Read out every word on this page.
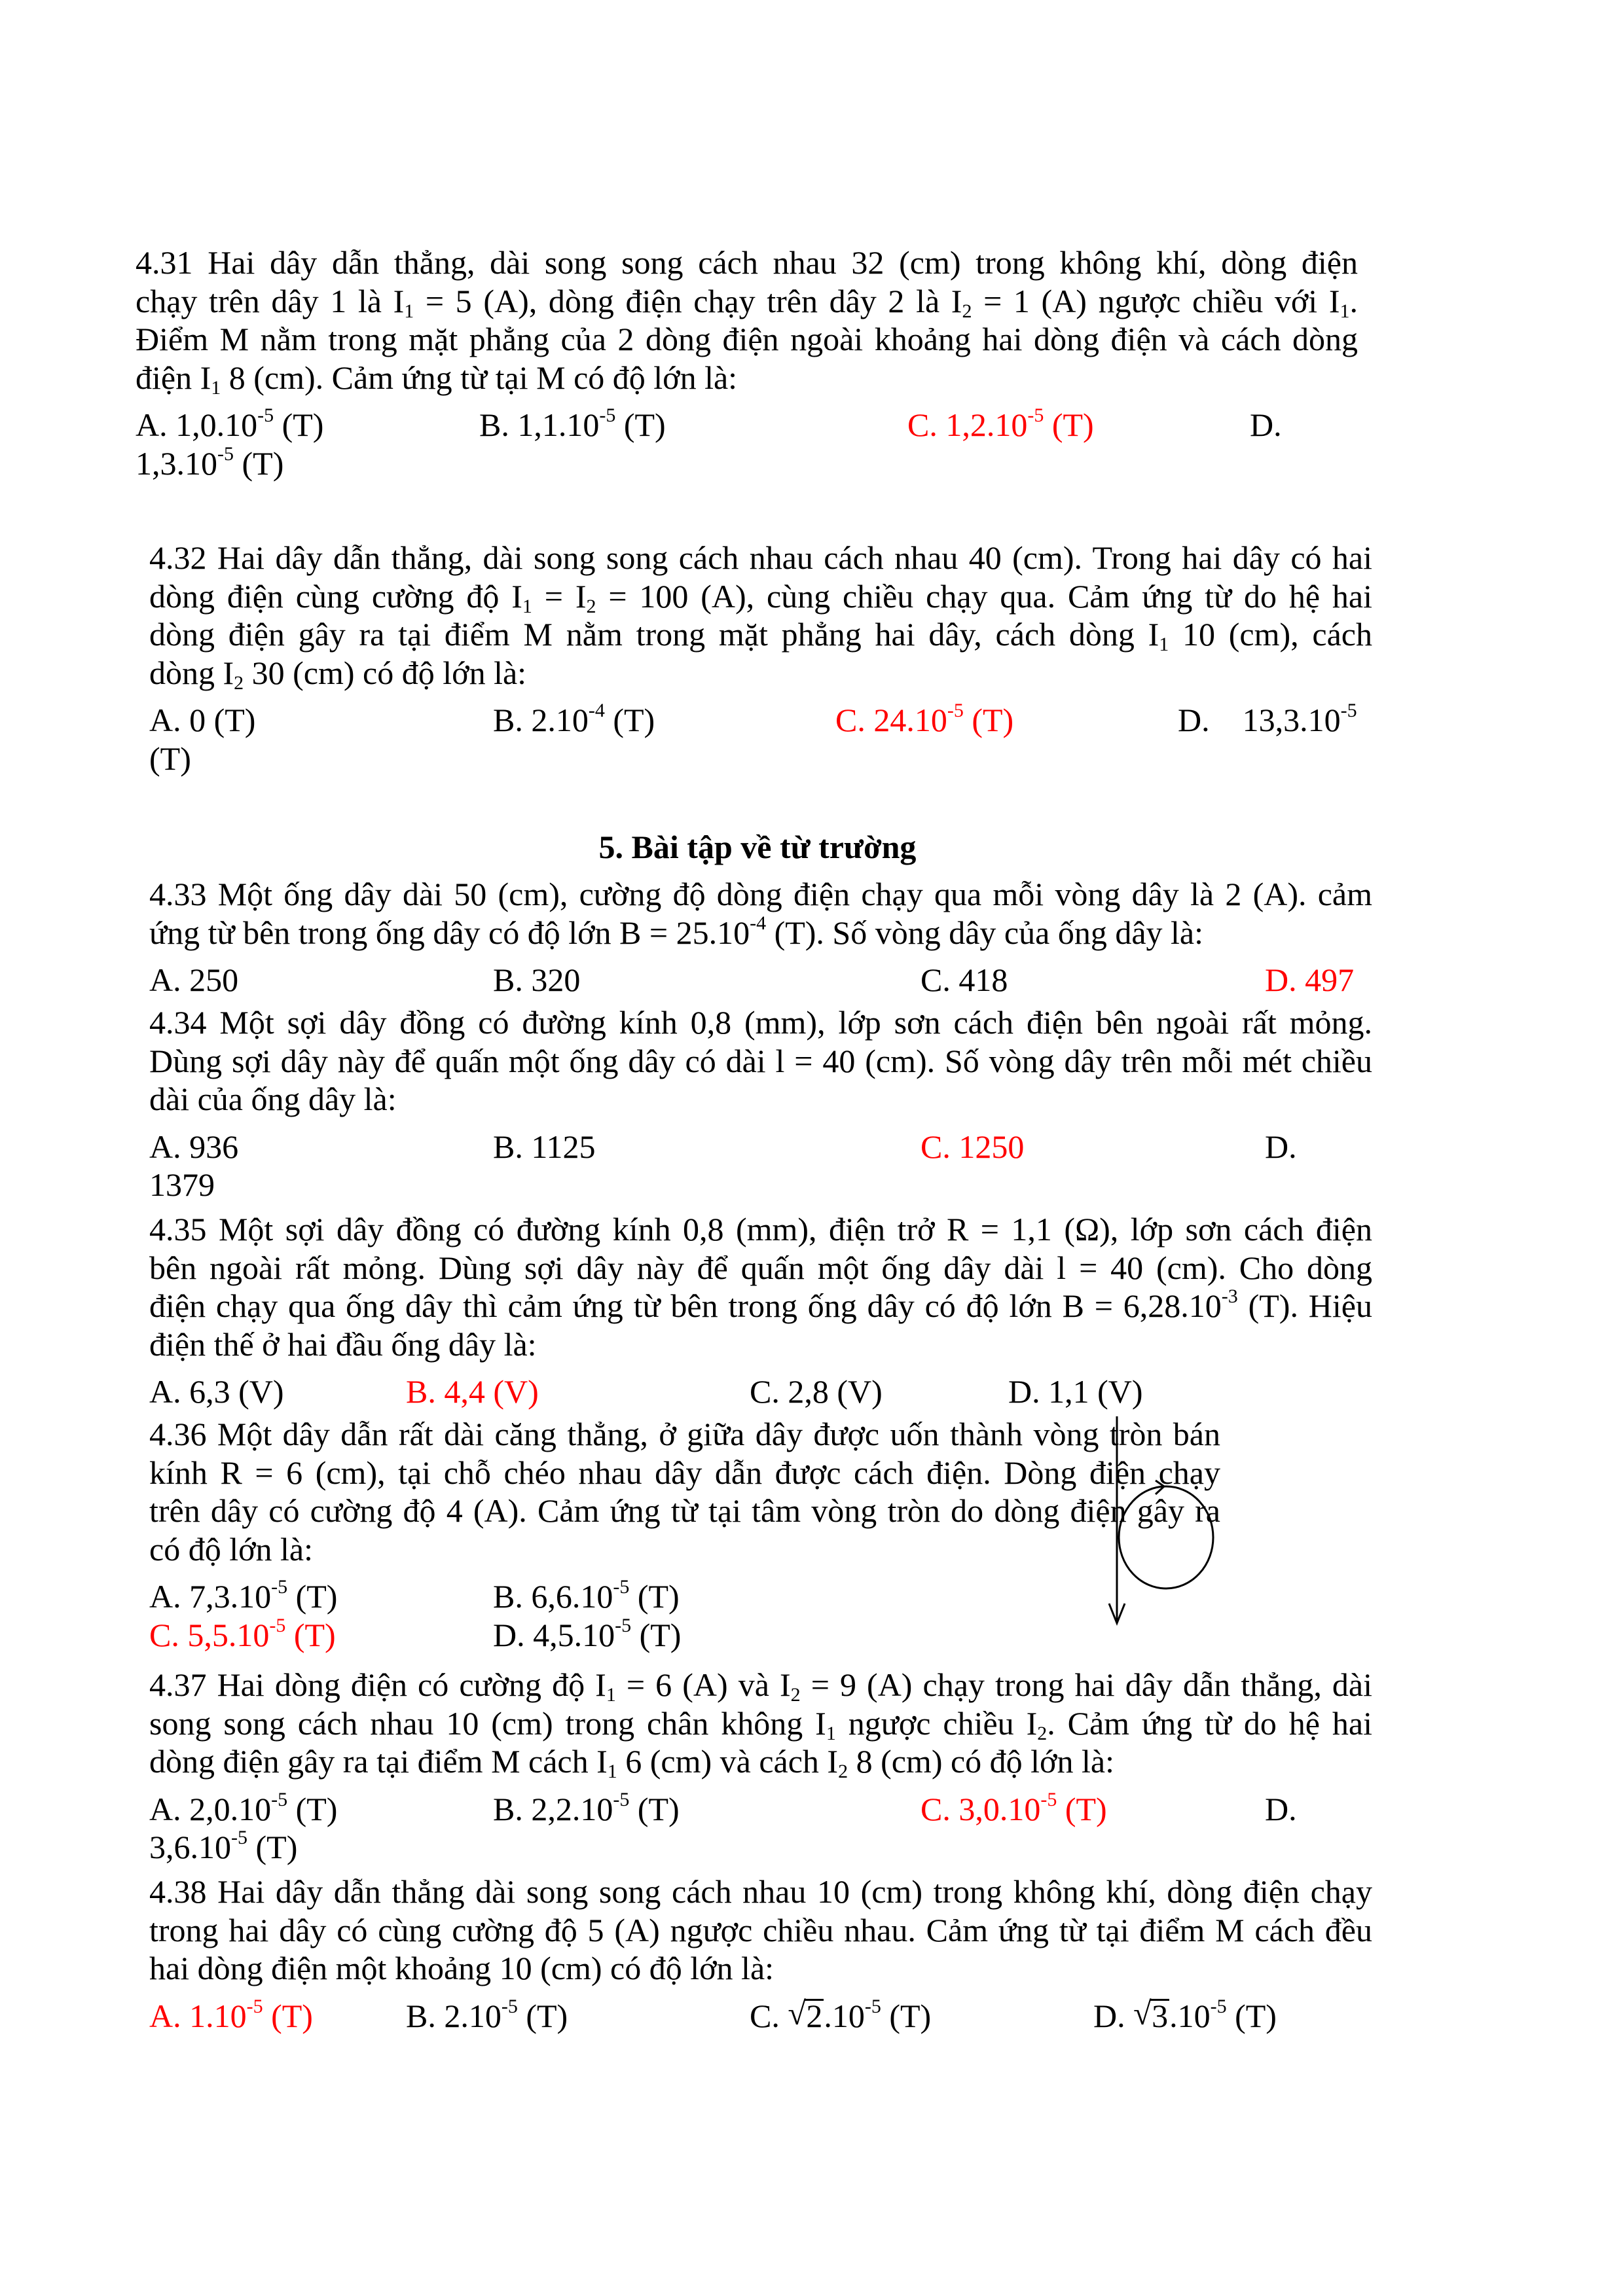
5. Bài tập về từ trường
4.31 Hai dây dẫn thẳng, dài song song cách nhau 32 (cm) trong không khí, dòng điện
chạy trên dây 1 là $I_1 = 5$ (A), dòng điện chạy trên dây 2 là $I_2 = 1$ (A) ngược chiều với $I_1$.
Điểm M nằm trong mặt phẳng của 2 dòng điện ngoài khoảng hai dòng điện và cách dòng
điện $I_1$ 8 (cm). Cảm ứng từ tại M có độ lớn là:
A. $1,0.10^{-5}$ (T)	B. $1,1.10^{-5}$ (T)	C. $1,2.10^{-5}$ (T)	D.
$1,3.10^{-5}$ (T)
4.32 Hai dây dẫn thẳng, dài song song cách nhau cách nhau 40 (cm). Trong hai dây có hai
dòng điện cùng cường độ $I_1 = I_2 = 100$ (A), cùng chiều chạy qua. Cảm ứng từ do hệ hai
dòng điện gây ra tại điểm M nằm trong mặt phẳng hai dây, cách dòng $I_1$ 10 (cm), cách
dòng $I_2$ 30 (cm) có độ lớn là:
A. 0 (T)	B. $2.10^{-4}$ (T)	C. $24.10^{-5}$ (T)	D.    $13,3.10^{-5}$
(T)
4.33 Một ống dây dài 50 (cm), cường độ dòng điện chạy qua mỗi vòng dây là 2 (A). cảm
ứng từ bên trong ống dây có độ lớn $B = 25.10^{-4}$ (T). Số vòng dây của ống dây là:
A. 250	B. 320	C. 418	D. 497
4.34 Một sợi dây đồng có đường kính 0,8 (mm), lớp sơn cách điện bên ngoài rất mỏng.
Dùng sợi dây này để quấn một ống dây có dài l = 40 (cm). Số vòng dây trên mỗi mét chiều
dài của ống dây là:
A. 936	B. 1125	C. 1250	D.
1379
4.35 Một sợi dây đồng có đường kính 0,8 (mm), điện trở R = 1,1 (Ω), lớp sơn cách điện
bên ngoài rất mỏng. Dùng sợi dây này để quấn một ống dây dài l = 40 (cm). Cho dòng
điện chạy qua ống dây thì cảm ứng từ bên trong ống dây có độ lớn $B = 6,28.10^{-3}$ (T). Hiệu
điện thế ở hai đầu ống dây là:
A. 6,3 (V)	B. 4,4 (V)	C. 2,8 (V)	D. 1,1 (V)
4.36 Một dây dẫn rất dài căng thẳng, ở giữa dây được uốn thành vòng tròn bán
kính R = 6 (cm), tại chỗ chéo nhau dây dẫn được cách điện. Dòng điện chạy
trên dây có cường độ 4 (A). Cảm ứng từ tại tâm vòng tròn do dòng điện gây ra
có độ lớn là:
A. $7,3.10^{-5}$ (T)	B. $6,6.10^{-5}$ (T)
C. $5,5.10^{-5}$ (T)	D. $4,5.10^{-5}$ (T)
4.37 Hai dòng điện có cường độ $I_1 = 6$ (A) và $I_2 = 9$ (A) chạy trong hai dây dẫn thẳng, dài
song song cách nhau 10 (cm) trong chân không $I_1$ ngược chiều $I_2$. Cảm ứng từ do hệ hai
dòng điện gây ra tại điểm M cách $I_1$ 6 (cm) và cách $I_2$ 8 (cm) có độ lớn là:
A. $2,0.10^{-5}$ (T)	B. $2,2.10^{-5}$ (T)	C. $3,0.10^{-5}$ (T)	D.
$3,6.10^{-5}$ (T)
4.38 Hai dây dẫn thẳng dài song song cách nhau 10 (cm) trong không khí, dòng điện chạy
trong hai dây có cùng cường độ 5 (A) ngược chiều nhau. Cảm ứng từ tại điểm M cách đều
hai dòng điện một khoảng 10 (cm) có độ lớn là:
A. $1.10^{-5}$ (T)	B. $2.10^{-5}$ (T)	C. √ $2.10^{-5}$ (T)	D. √ $3.10^{-5}$ (T)
